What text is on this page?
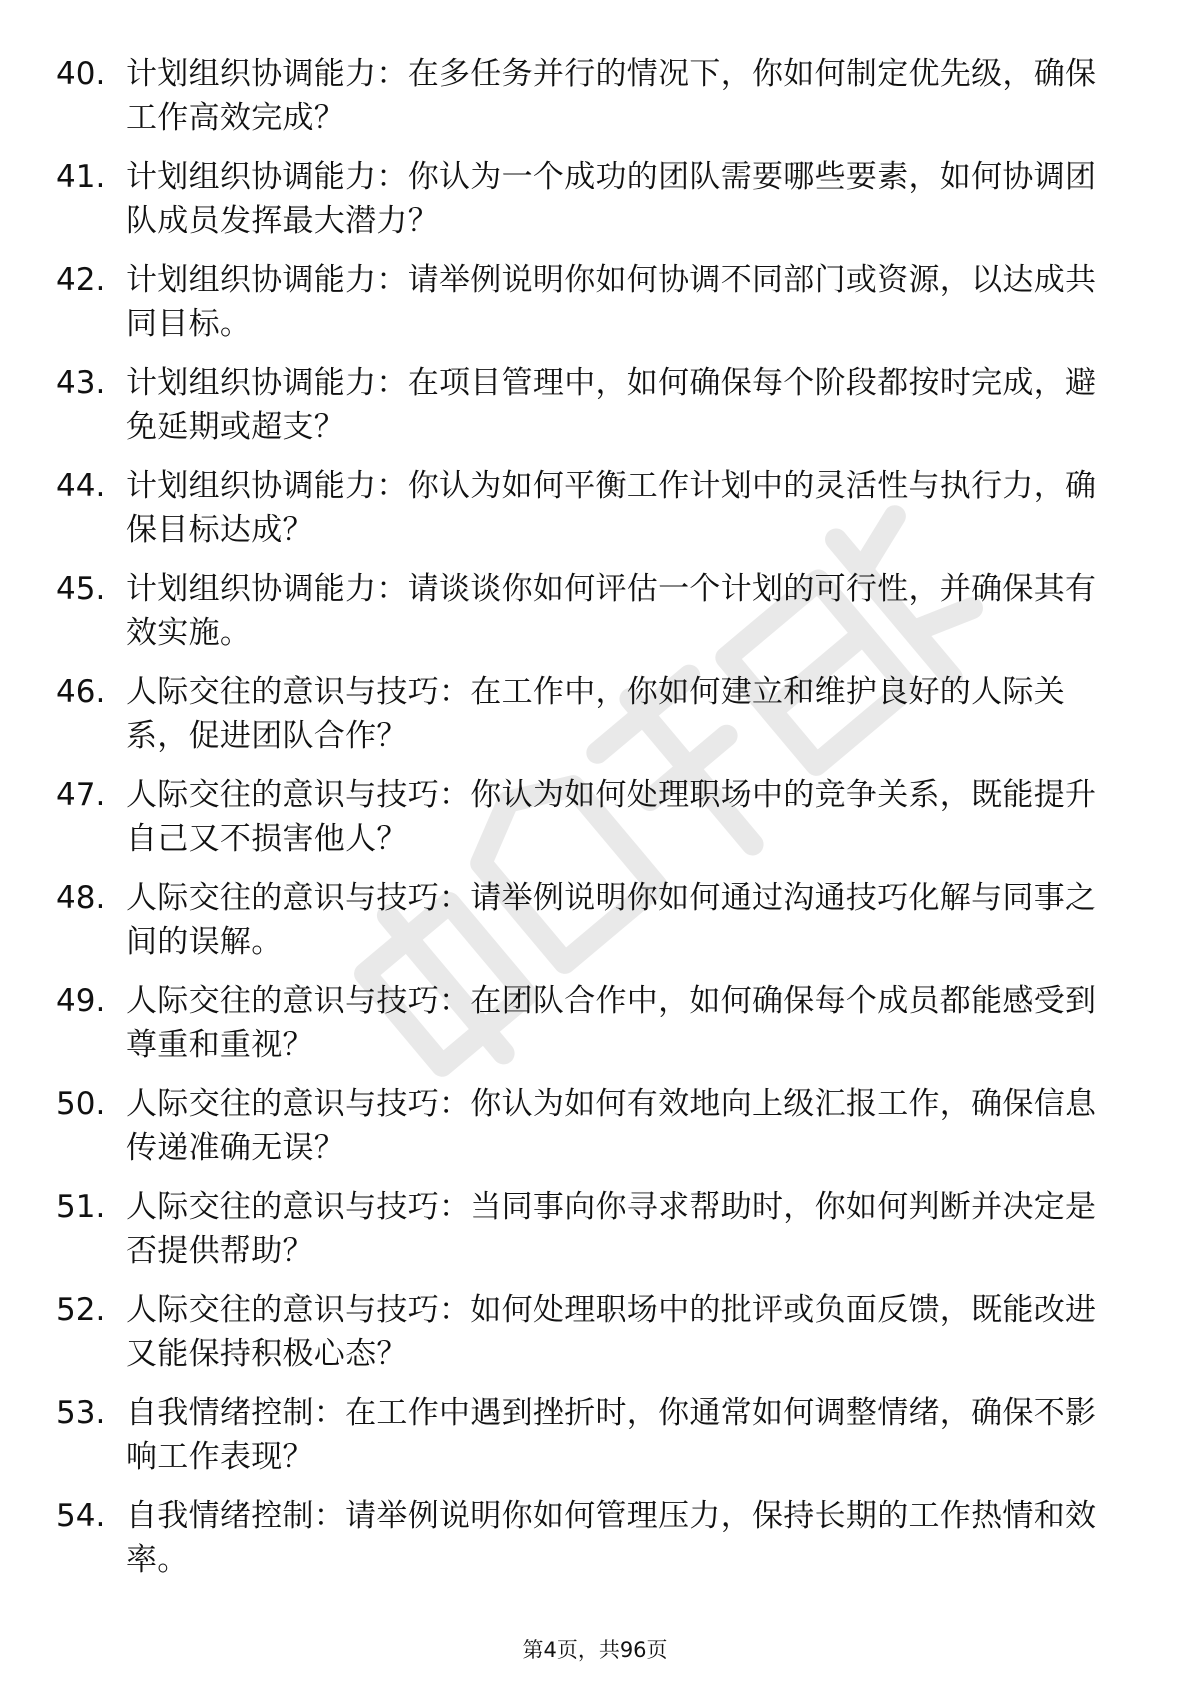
40. 计划组织协调能力：在多任务并行的情况下，你如何制定优先级，确保工作高效完成？
41. 计划组织协调能力：你认为一个成功的团队需要哪些要素，如何协调团队成员发挥最大潜力？
42. 计划组织协调能力：请举例说明你如何协调不同部门或资源，以达成共同目标。
43. 计划组织协调能力：在项目管理中，如何确保每个阶段都按时完成，避免延期或超支？
44. 计划组织协调能力：你认为如何平衡工作计划中的灵活性与执行力，确保目标达成？
45. 计划组织协调能力：请谈谈你如何评估一个计划的可行性，并确保其有效实施。
46. 人际交往的意识与技巧：在工作中，你如何建立和维护良好的人际关系，促进团队合作？
47. 人际交往的意识与技巧：你认为如何处理职场中的竞争关系，既能提升自己又不损害他人？
48. 人际交往的意识与技巧：请举例说明你如何通过沟通技巧化解与同事之间的误解。
49. 人际交往的意识与技巧：在团队合作中，如何确保每个成员都能感受到尊重和重视？
50. 人际交往的意识与技巧：你认为如何有效地向上级汇报工作，确保信息传递准确无误？
51. 人际交往的意识与技巧：当同事向你寻求帮助时，你如何判断并决定是否提供帮助？
52. 人际交往的意识与技巧：如何处理职场中的批评或负面反馈，既能改进又能保持积极心态？
53. 自我情绪控制：在工作中遇到挫折时，你通常如何调整情绪，确保不影响工作表现？
54. 自我情绪控制：请举例说明你如何管理压力，保持长期的工作热情和效率。
第4页，共96页
